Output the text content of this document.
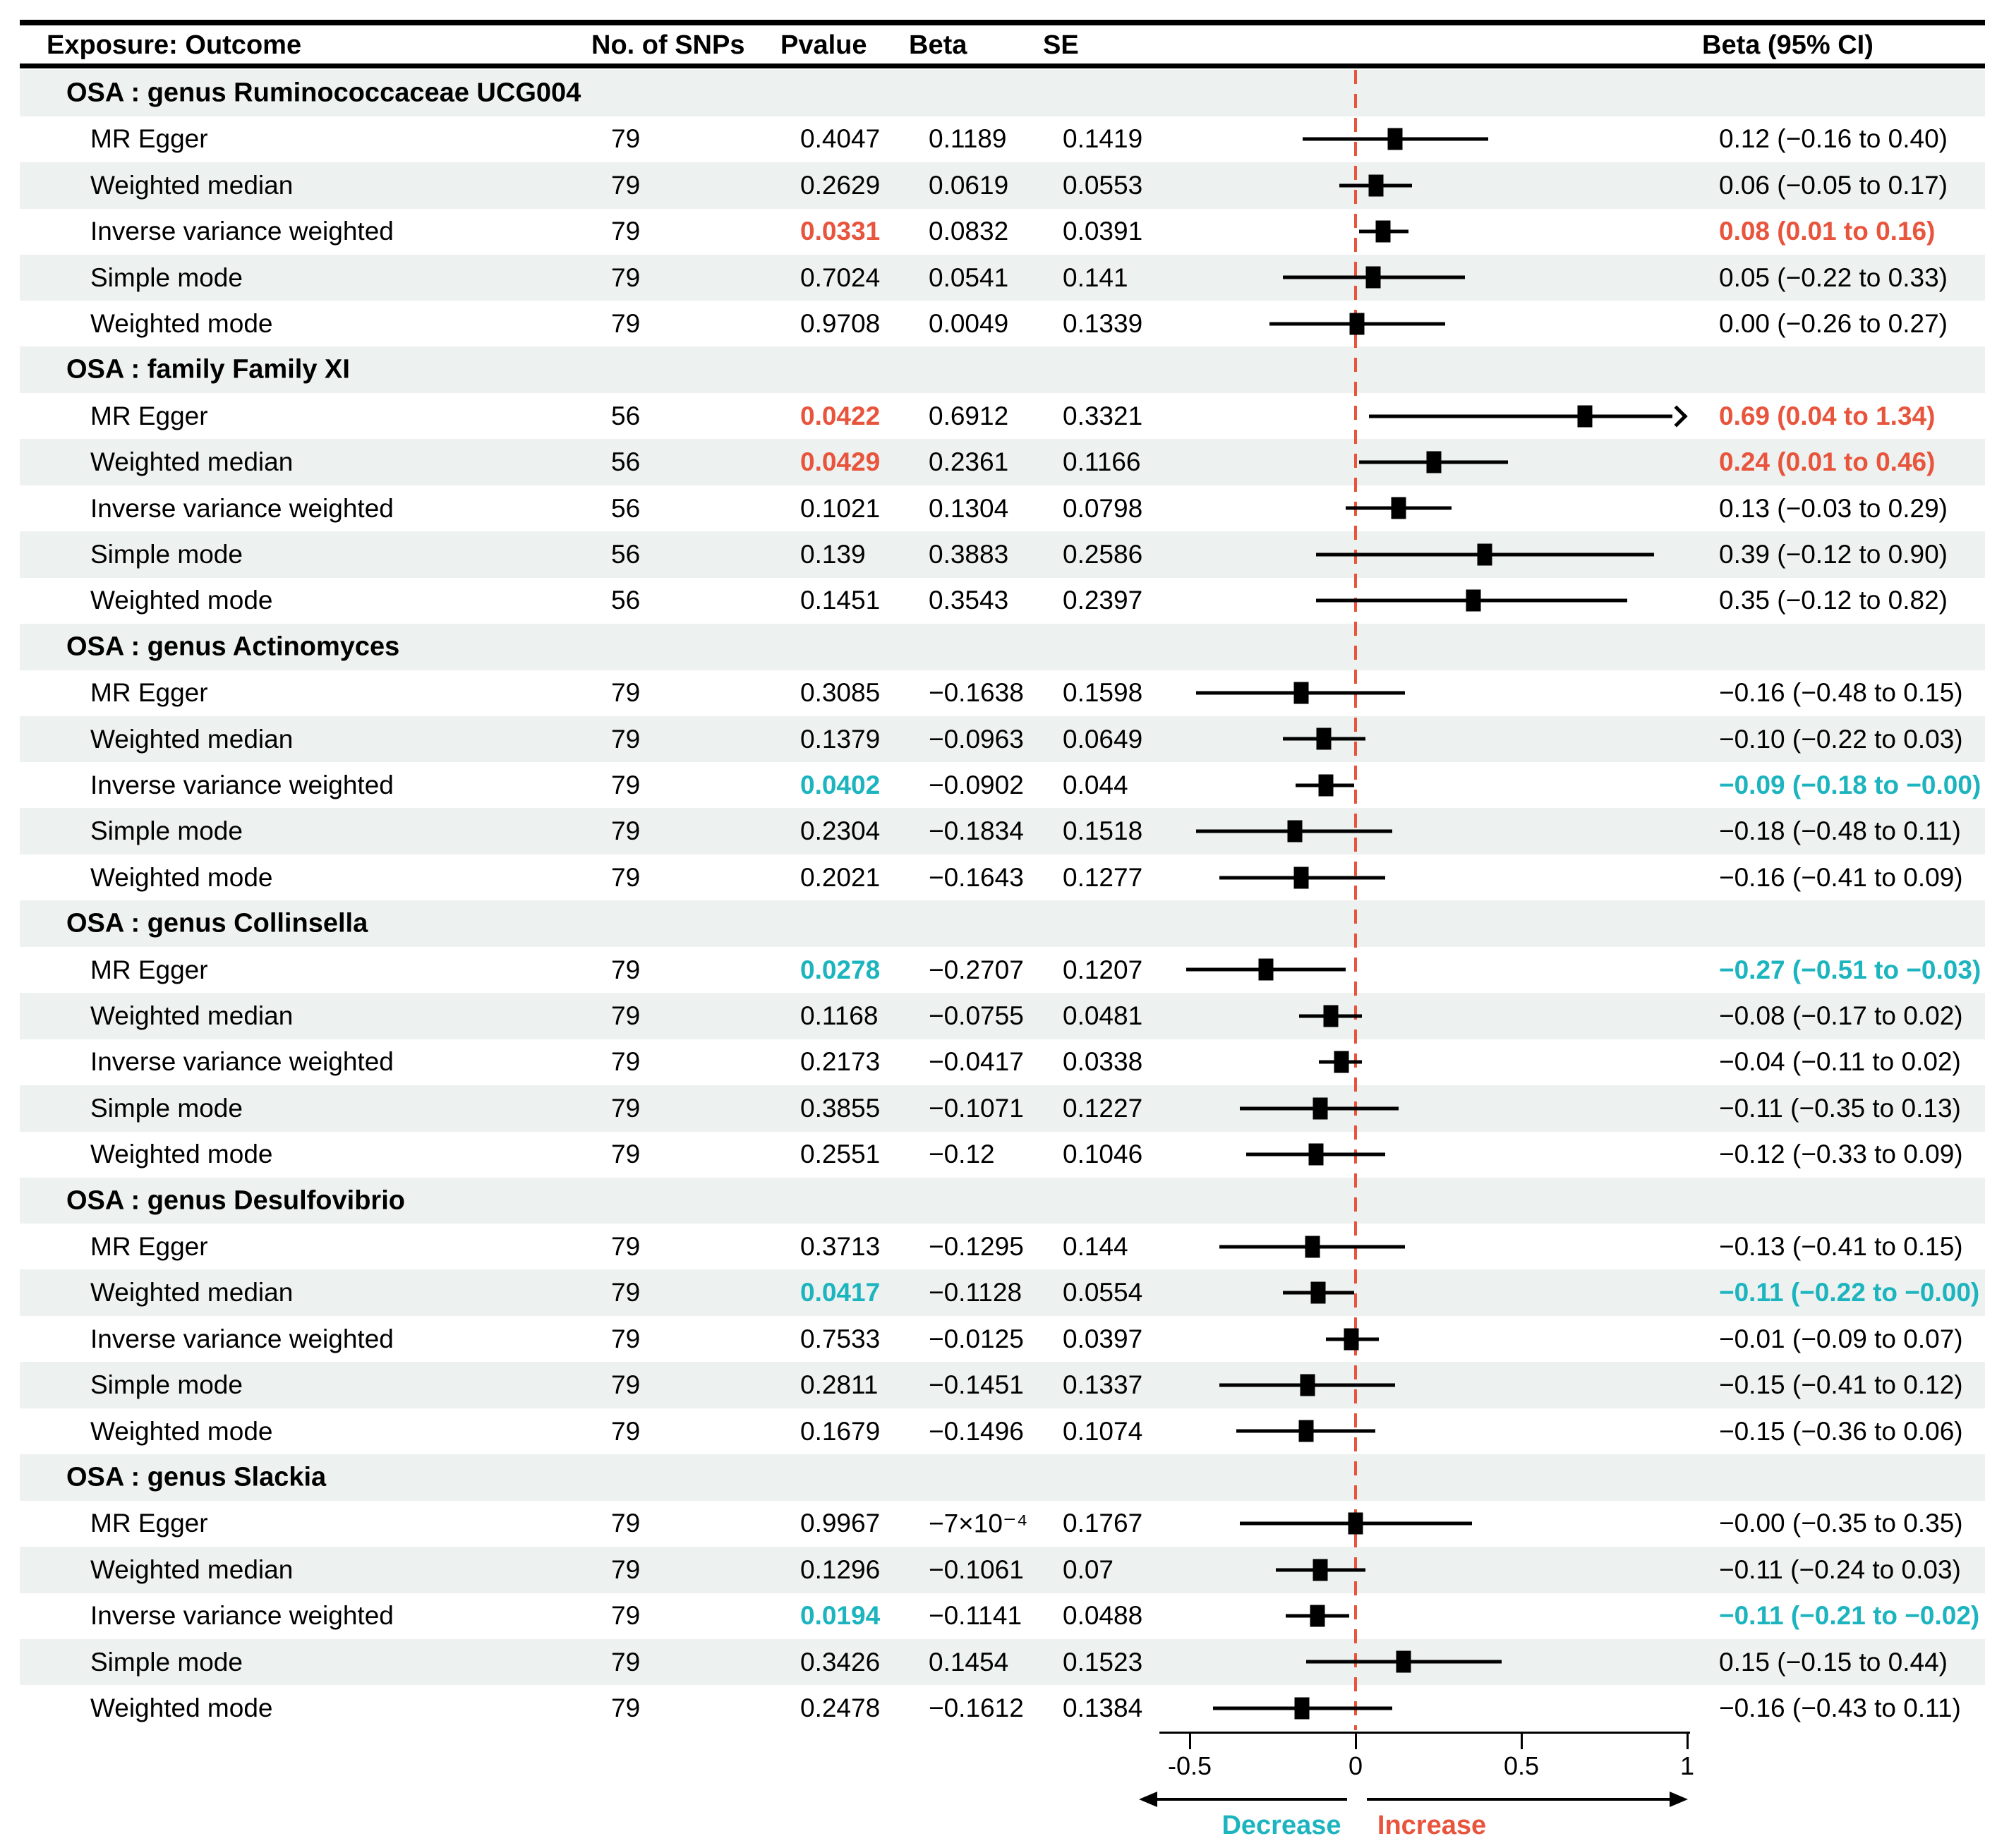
Exposure: Outcome	No. of SNPs Pvalue Beta	SE	Beta (95% CI)
OSA : genus Ruminococcaceae UCG004
MR Egger	79	0.4047 0.1189 0.1419	0.12 (−0.16 to 0.40)
Weighted median	79	0.2629 0.0619 0.0553	0.06 (−0.05 to 0.17)
Inverse variance weighted	79	0.0331 0.0832 0.0391	0.08 (0.01 to 0.16)
Simple mode	79	0.7024 0.0541 0.141	0.05 (−0.22 to 0.33)
Weighted mode	79	0.9708 0.0049 0.1339	0.00 (−0.26 to 0.27)
OSA : family Family XI
MR Egger	56	0.0422 0.6912 0.3321	0.69 (0.04 to 1.34)
Weighted median	56	0.0429 0.2361 0.1166	0.24 (0.01 to 0.46)
Inverse variance weighted	56	0.1021 0.1304 0.0798	0.13 (−0.03 to 0.29)
Simple mode	56	0.139 0.3883 0.2586	0.39 (−0.12 to 0.90)
Weighted mode	56	0.1451 0.3543 0.2397	0.35 (−0.12 to 0.82)
OSA : genus Actinomyces
MR Egger	79	0.3085 −0.1638 0.1598	−0.16 (−0.48 to 0.15)
Weighted median	79	0.1379 −0.0963 0.0649	−0.10 (−0.22 to 0.03)
Inverse variance weighted	79	0.0402 −0.0902 0.044	−0.09 (−0.18 to −0.00)
Simple mode	79	0.2304 −0.1834 0.1518	−0.18 (−0.48 to 0.11)
Weighted mode	79	0.2021 −0.1643 0.1277	−0.16 (−0.41 to 0.09)
OSA : genus Collinsella
MR Egger	79	0.0278 −0.2707 0.1207	−0.27 (−0.51 to −0.03)
Weighted median	79	0.1168 −0.0755 0.0481	−0.08 (−0.17 to 0.02)
Inverse variance weighted	79	0.2173 −0.0417 0.0338	−0.04 (−0.11 to 0.02)
Simple mode	79	0.3855 −0.1071 0.1227	−0.11 (−0.35 to 0.13)
Weighted mode	79	0.2551 −0.12	0.1046	−0.12 (−0.33 to 0.09)
OSA : genus Desulfovibrio
MR Egger	79	0.3713 −0.1295 0.144	−0.13 (−0.41 to 0.15)
Weighted median	79	0.0417 −0.1128 0.0554	−0.11 (−0.22 to −0.00)
Inverse variance weighted	79	0.7533 −0.0125 0.0397	−0.01 (−0.09 to 0.07)
Simple mode	79	0.2811 −0.1451 0.1337	−0.15 (−0.41 to 0.12)
Weighted mode	79	0.1679 −0.1496 0.1074	−0.15 (−0.36 to 0.06)
OSA : genus Slackia
MR Egger	79	0.9967 −7×10⁻⁴ 0.1767	−0.00 (−0.35 to 0.35)
Weighted median	79	0.1296 −0.1061 0.07	−0.11 (−0.24 to 0.03)
Inverse variance weighted	79	0.0194 −0.1141 0.0488	−0.11 (−0.21 to −0.02)
Simple mode	79	0.3426 0.1454 0.1523	0.15 (−0.15 to 0.44)
Weighted mode	79	0.2478 −0.1612 0.1384	−0.16 (−0.43 to 0.11)
-0.5	0	0.5	1
Decrease Increase
